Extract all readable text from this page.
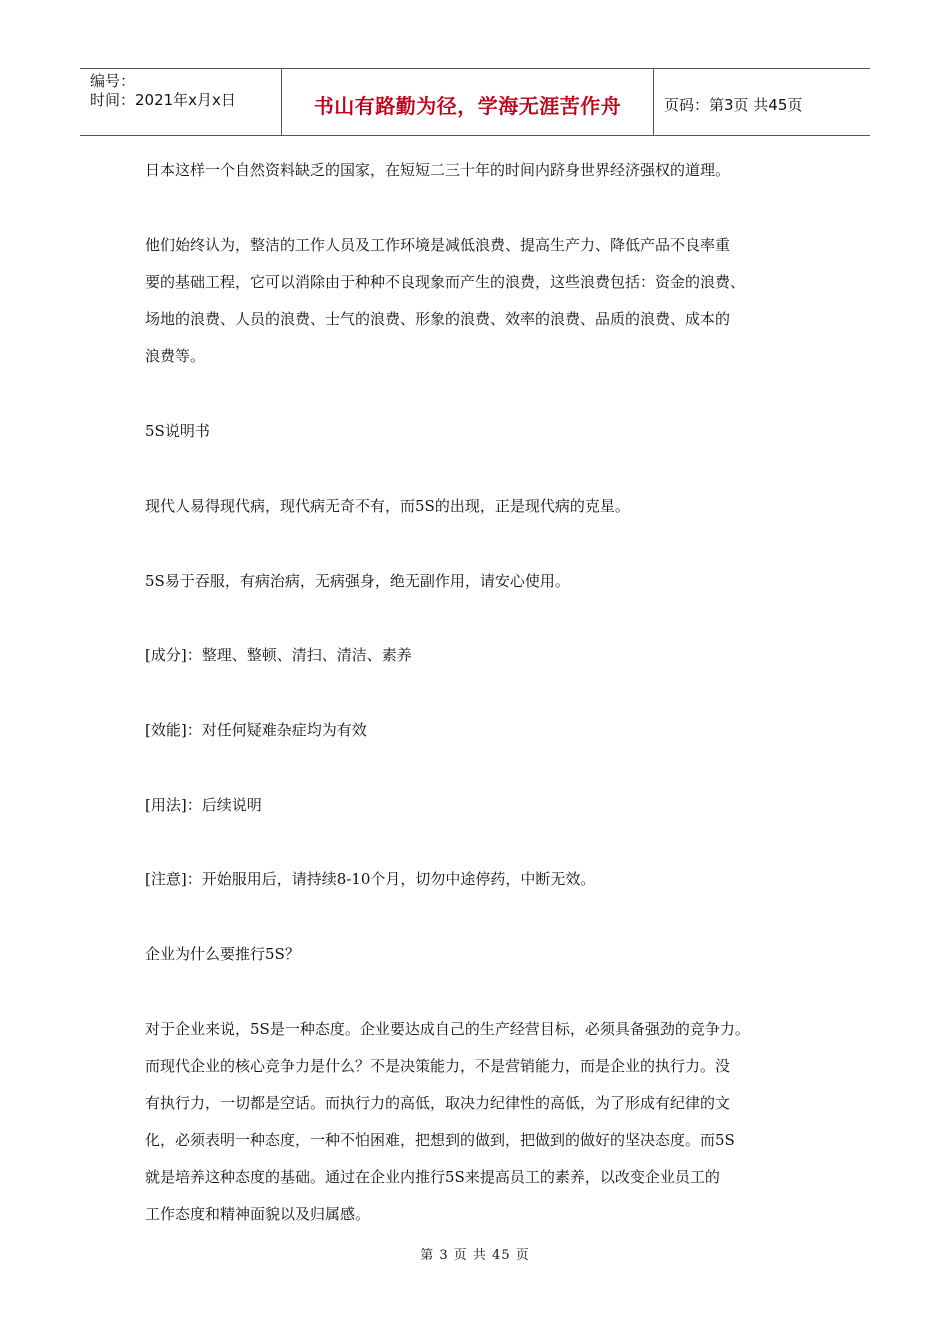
编号：
时间：2021年x月x日	书山有路勤为径，学海无涯苦作舟	页码：第3页 共45页
日本这样一个自然资料缺乏的国家，在短短二三十年的时间内跻身世界经济强权的道理。
他们始终认为，整洁的工作人员及工作环境是减低浪费、提高生产力、降低产品不良率重
要的基础工程，它可以消除由于种种不良现象而产生的浪费，这些浪费包括：资金的浪费、
场地的浪费、人员的浪费、士气的浪费、形象的浪费、效率的浪费、品质的浪费、成本的
浪费等。
5S说明书
现代人易得现代病，现代病无奇不有，而5S的出现，正是现代病的克星。
5S易于吞服，有病治病，无病强身，绝无副作用，请安心使用。
[成分]：整理、整顿、清扫、清洁、素养
[效能]：对任何疑难杂症均为有效
[用法]：后续说明
[注意]：开始服用后，请持续8-10个月，切勿中途停药，中断无效。
企业为什么要推行5S？
对于企业来说，5S是一种态度。企业要达成自己的生产经营目标，必须具备强劲的竞争力。
而现代企业的核心竞争力是什么？不是决策能力，不是营销能力，而是企业的执行力。没
有执行力，一切都是空话。而执行力的高低，取决力纪律性的高低，为了形成有纪律的文
化，必须表明一种态度，一种不怕困难，把想到的做到，把做到的做好的坚决态度。而5S
就是培养这种态度的基础。通过在企业内推行5S来提高员工的素养，以改变企业员工的
工作态度和精神面貌以及归属感。
第 3 页 共 45 页
